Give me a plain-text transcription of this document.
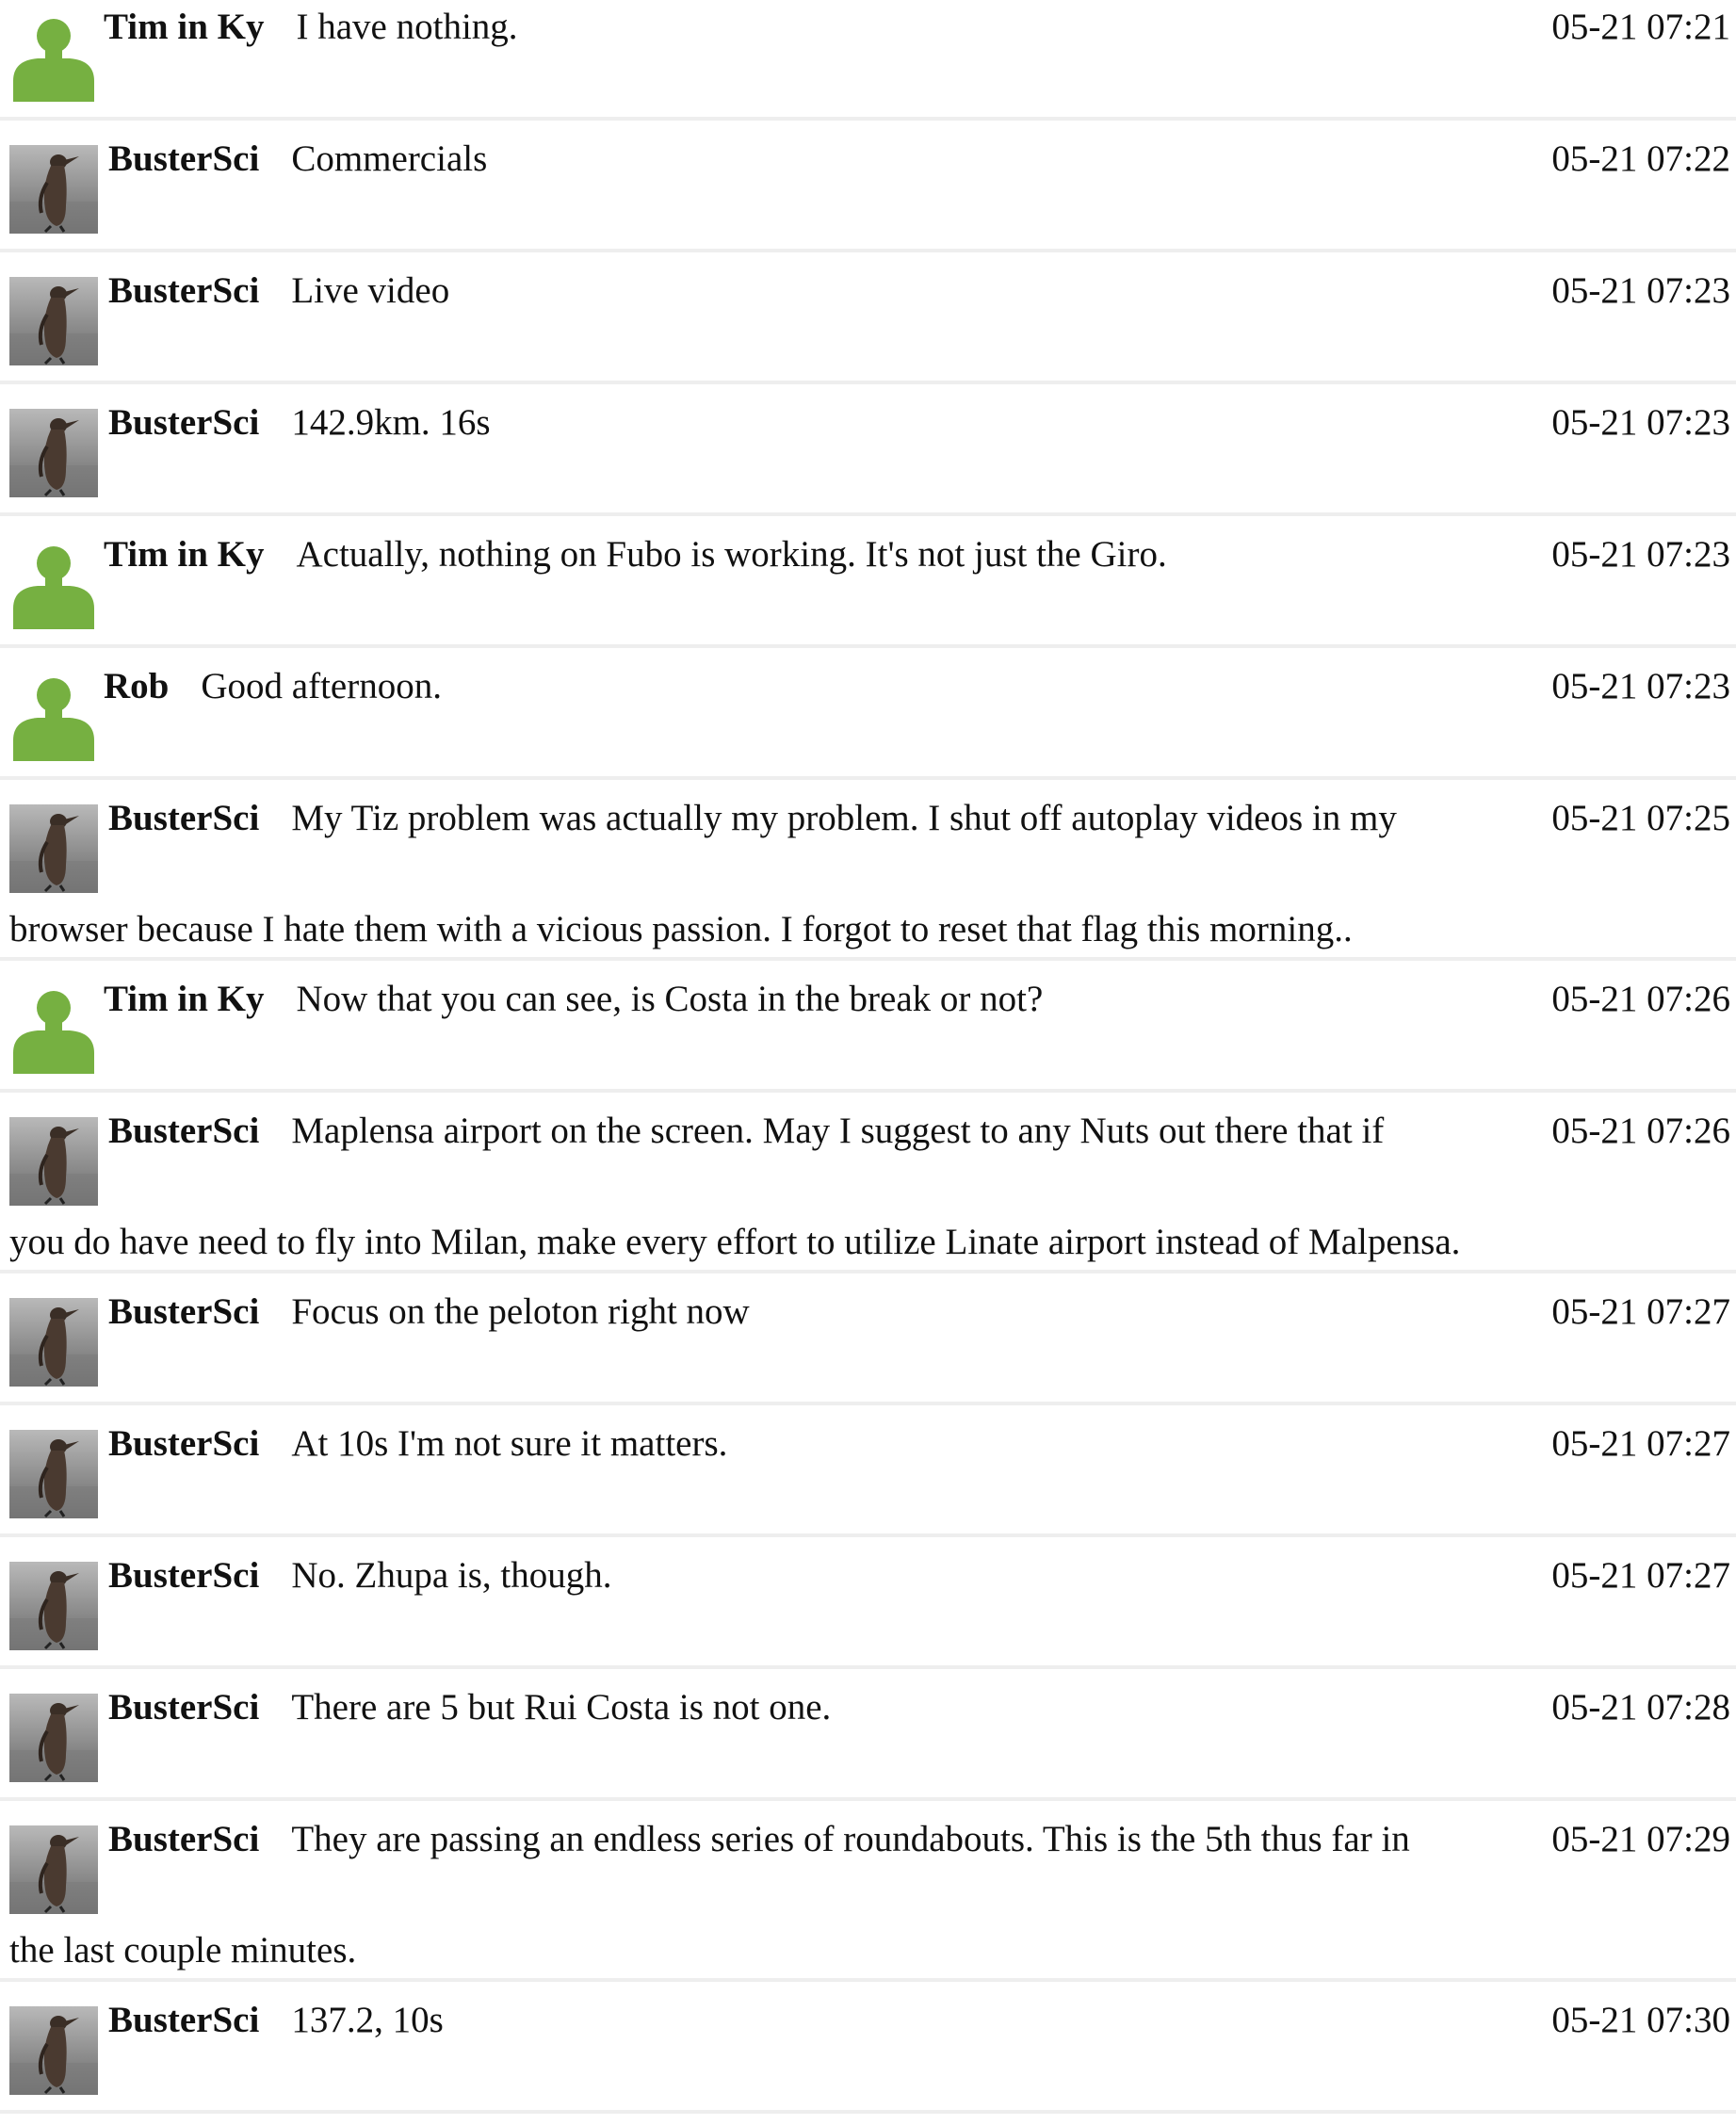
Tim in Ky I have nothing.	05-21 07:21
BusterSci Commercials	05-21 07:22
BusterSci Live video	05-21 07:23
BusterSci 142.9km. 16s	05-21 07:23
Tim in Ky Actually, nothing on Fubo is working. It's not just the Giro.	05-21 07:23
Rob Good afternoon.	05-21 07:23
BusterSci My Tiz problem was actually my problem. I shut off autoplay videos in my	05-21 07:25
browser because I hate them with a vicious passion. I forgot to reset that flag this morning..
Tim in Ky Now that you can see, is Costa in the break or not?	05-21 07:26
BusterSci Maplensa airport on the screen. May I suggest to any Nuts out there that if	05-21 07:26
you do have need to fly into Milan, make every effort to utilize Linate airport instead of Malpensa.
BusterSci Focus on the peloton right now	05-21 07:27
BusterSci At 10s I'm not sure it matters.	05-21 07:27
BusterSci No. Zhupa is, though.	05-21 07:27
BusterSci There are 5 but Rui Costa is not one.	05-21 07:28
BusterSci They are passing an endless series of roundabouts. This is the 5th thus far in	05-21 07:29
the last couple minutes.
BusterSci 137.2, 10s	05-21 07:30
